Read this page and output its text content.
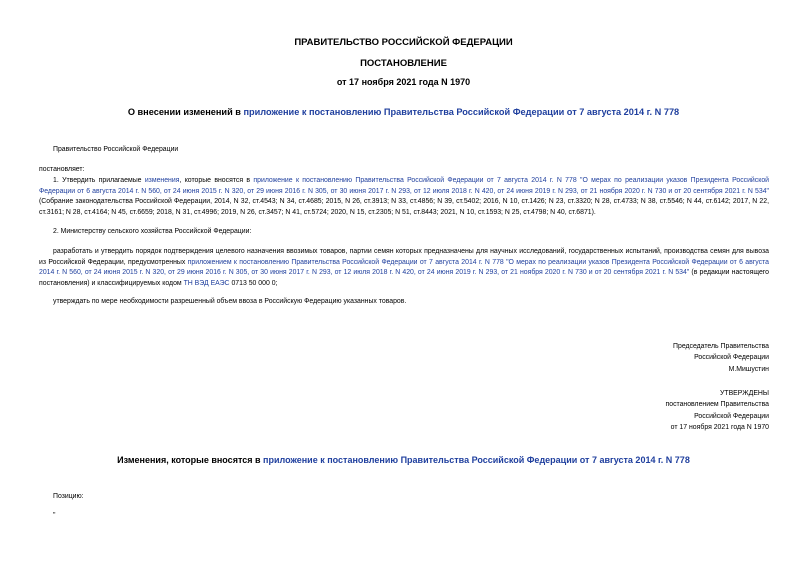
ПРАВИТЕЛЬСТВО РОССИЙСКОЙ ФЕДЕРАЦИИ
ПОСТАНОВЛЕНИЕ
от 17 ноября 2021 года N 1970
О внесении изменений в приложение к постановлению Правительства Российской Федерации от 7 августа 2014 г. N 778
Правительство Российской Федерации
постановляет:
1. Утвердить прилагаемые изменения, которые вносятся в приложение к постановлению Правительства Российской Федерации от 7 августа 2014 г. N 778 "О мерах по реализации указов Президента Российской Федерации от 6 августа 2014 г. N 560, от 24 июня 2015 г. N 320, от 29 июня 2016 г. N 305, от 30 июня 2017 г. N 293, от 12 июля 2018 г. N 420, от 24 июня 2019 г. N 293, от 21 ноября 2020 г. N 730 и от 20 сентября 2021 г. N 534" (Собрание законодательства Российской Федерации, 2014, N 32, ст.4543; N 34, ст.4685; 2015, N 26, ст.3913; N 33, ст.4856; N 39, ст.5402; 2016, N 10, ст.1426; N 23, ст.3320; N 28, ст.4733; N 38, ст.5546; N 44, ст.6142; 2017, N 22, ст.3161; N 28, ст.4164; N 45, ст.6659; 2018, N 31, ст.4996; 2019, N 26, ст.3457; N 41, ст.5724; 2020, N 15, ст.2305; N 51, ст.8443; 2021, N 10, ст.1593; N 25, ст.4798; N 40, ст.6871).
2. Министерству сельского хозяйства Российской Федерации:
разработать и утвердить порядок подтверждения целевого назначения ввозимых товаров, партии семян которых предназначены для научных исследований, государственных испытаний, производства семян для вывоза из Российской Федерации, предусмотренных приложением к постановлению Правительства Российской Федерации от 7 августа 2014 г. N 778 "О мерах по реализации указов Президента Российской Федерации от 6 августа 2014 г. N 560, от 24 июня 2015 г. N 320, от 29 июня 2016 г. N 305, от 30 июня 2017 г. N 293, от 12 июля 2018 г. N 420, от 24 июня 2019 г. N 293, от 21 ноября 2020 г. N 730 и от 20 сентября 2021 г. N 534" (в редакции настоящего постановления) и классифицируемых кодом ТН ВЭД ЕАЭС 0713 50 000 0;
утверждать по мере необходимости разрешенный объем ввоза в Российскую Федерацию указанных товаров.
Председатель Правительства
Российской Федерации
М.Мишустин
УТВЕРЖДЕНЫ
постановлением Правительства
Российской Федерации
от 17 ноября 2021 года N 1970
Изменения, которые вносятся в приложение к постановлению Правительства Российской Федерации от 7 августа 2014 г. N 778
Позицию:
"
